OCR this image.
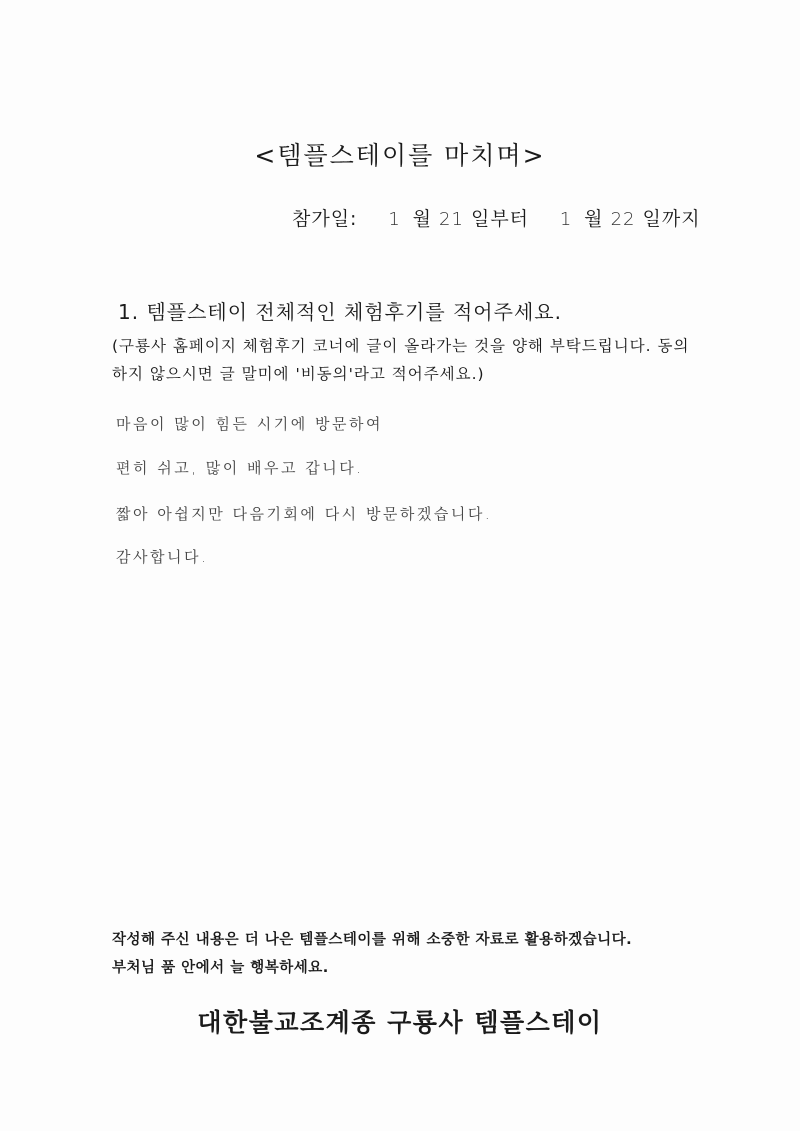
<템플스테이를 마치며>
참가일: 1 월 21 일부터 1 월 22 일까지
1. 템플스테이 전체적인 체험후기를 적어주세요.
(구룡사 홈페이지 체험후기 코너에 글이 올라가는 것을 양해 부탁드립니다. 동의하지 않으시면 글 말미에 '비동의'라고 적어주세요.)
마음이 많이 힘든 시기에 방문하여
편히 쉬고, 많이 배우고 갑니다.
짧아 아쉽지만 다음기회에 다시 방문하겠습니다.
감사합니다.
작성해 주신 내용은 더 나은 템플스테이를 위해 소중한 자료로 활용하겠습니다.
부처님 품 안에서 늘 행복하세요.
대한불교조계종 구룡사 템플스테이
